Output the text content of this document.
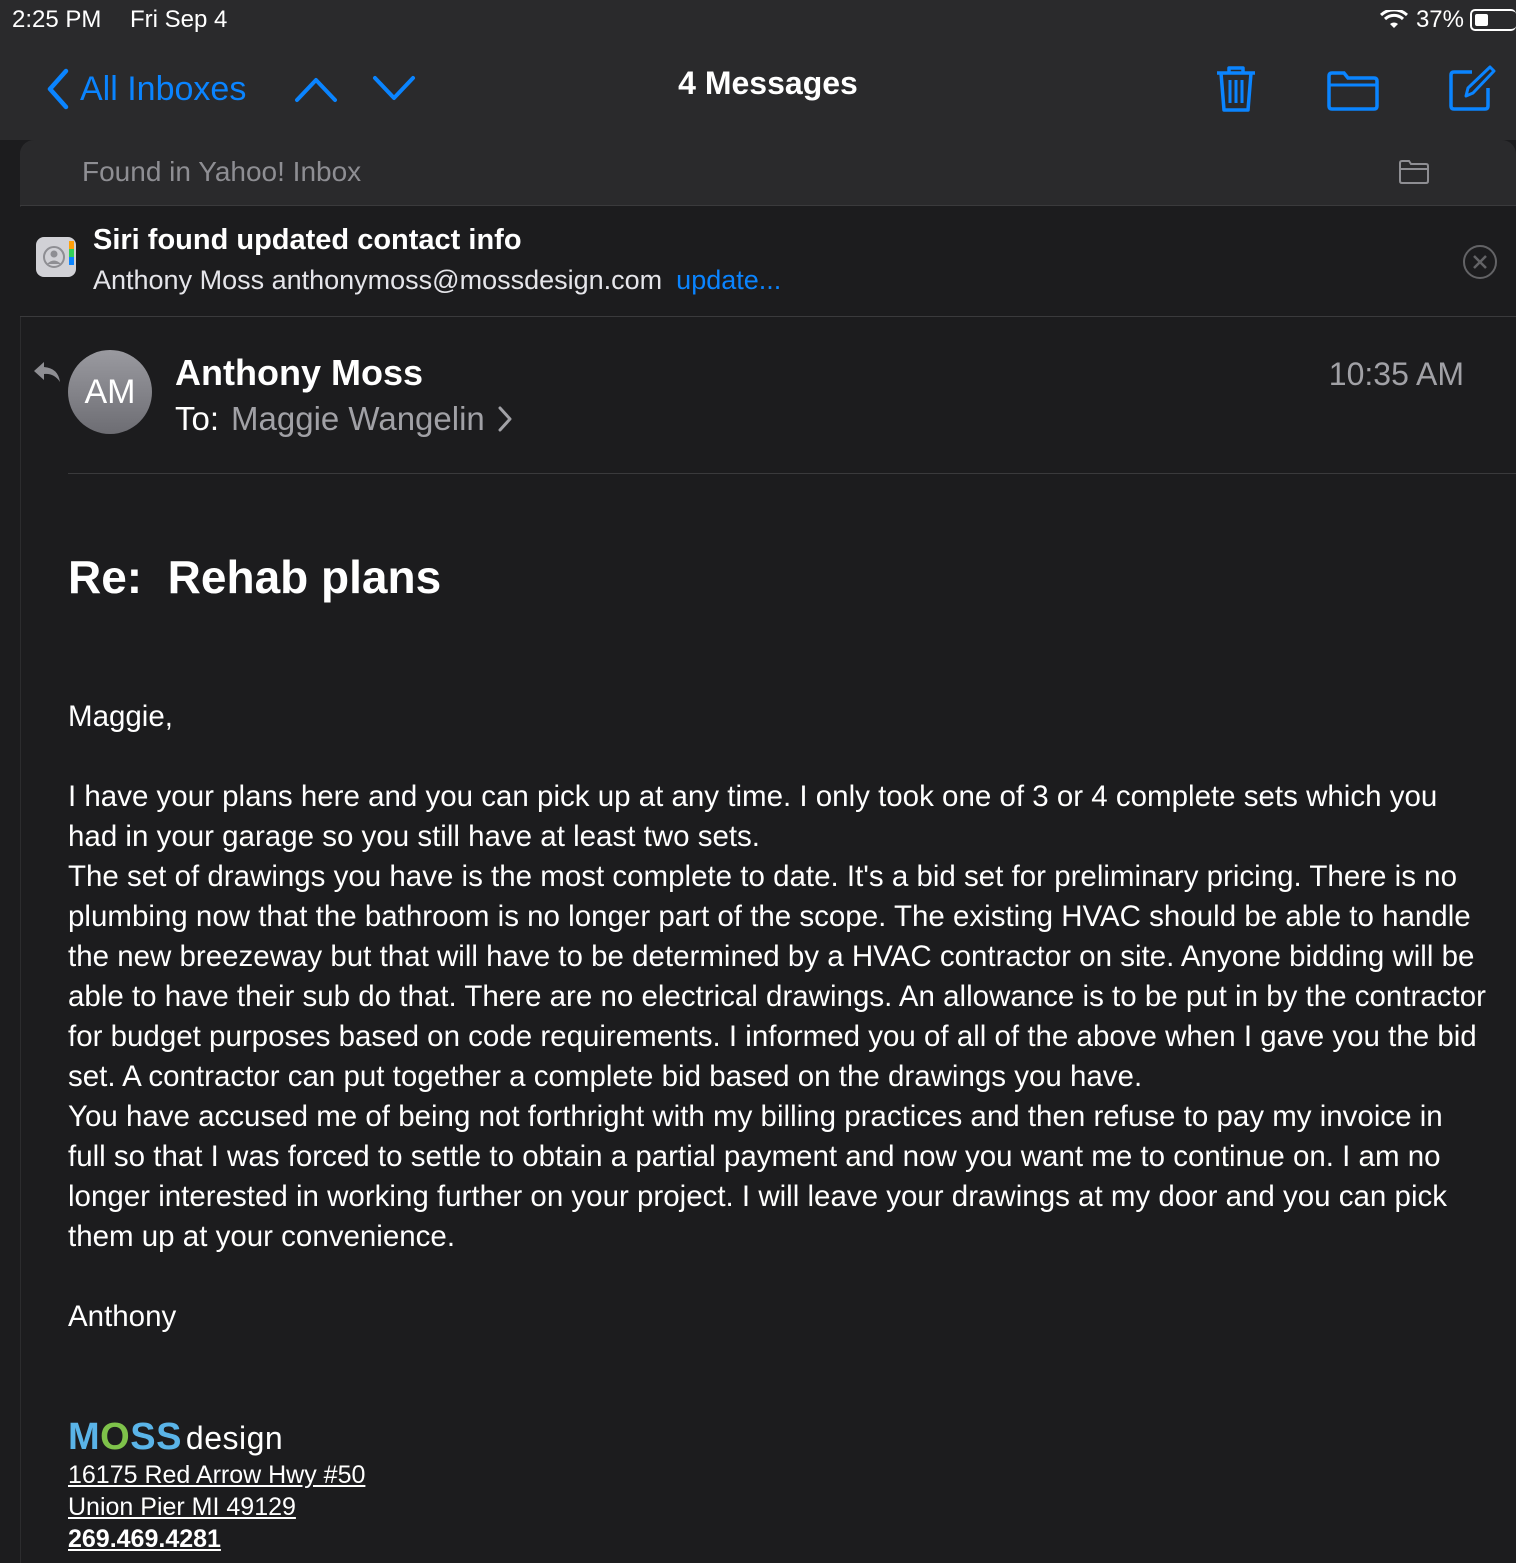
2:25 PM Fri Sep 4	37%
All Inboxes	4 Messages
Found in Yahoo! Inbox
Siri found updated contact info
Anthony Moss anthonymoss@mossdesign.com update...
AM	Anthony Moss
To: Maggie Wangelin
10:35 AM
Re:  Rehab plans

Maggie,

I have your plans here and you can pick up at any time. I only took one of 3 or 4 complete sets which you had in your garage so you still have at least two sets.

The set of drawings you have is the most complete to date. It's a bid set for preliminary pricing. There is no plumbing now that the bathroom is no longer part of the scope. The existing HVAC should be able to handle the new breezeway but that will have to be determined by a HVAC contractor on site. Anyone bidding will be able to have their sub do that. There are no electrical drawings. An allowance is to be put in by the contractor for budget purposes based on code requirements. I informed you of all of the above when I gave you the bid set. A contractor can put together a complete bid based on the drawings you have.

You have accused me of being not forthright with my billing practices and then refuse to pay my invoice in full so that I was forced to settle to obtain a partial payment and now you want me to continue on. I am no longer interested in working further on your project. I will leave your drawings at my door and you can pick them up at your convenience.

Anthony

MOSS design
16175 Red Arrow Hwy #50
Union Pier MI 49129
269.469.4281
